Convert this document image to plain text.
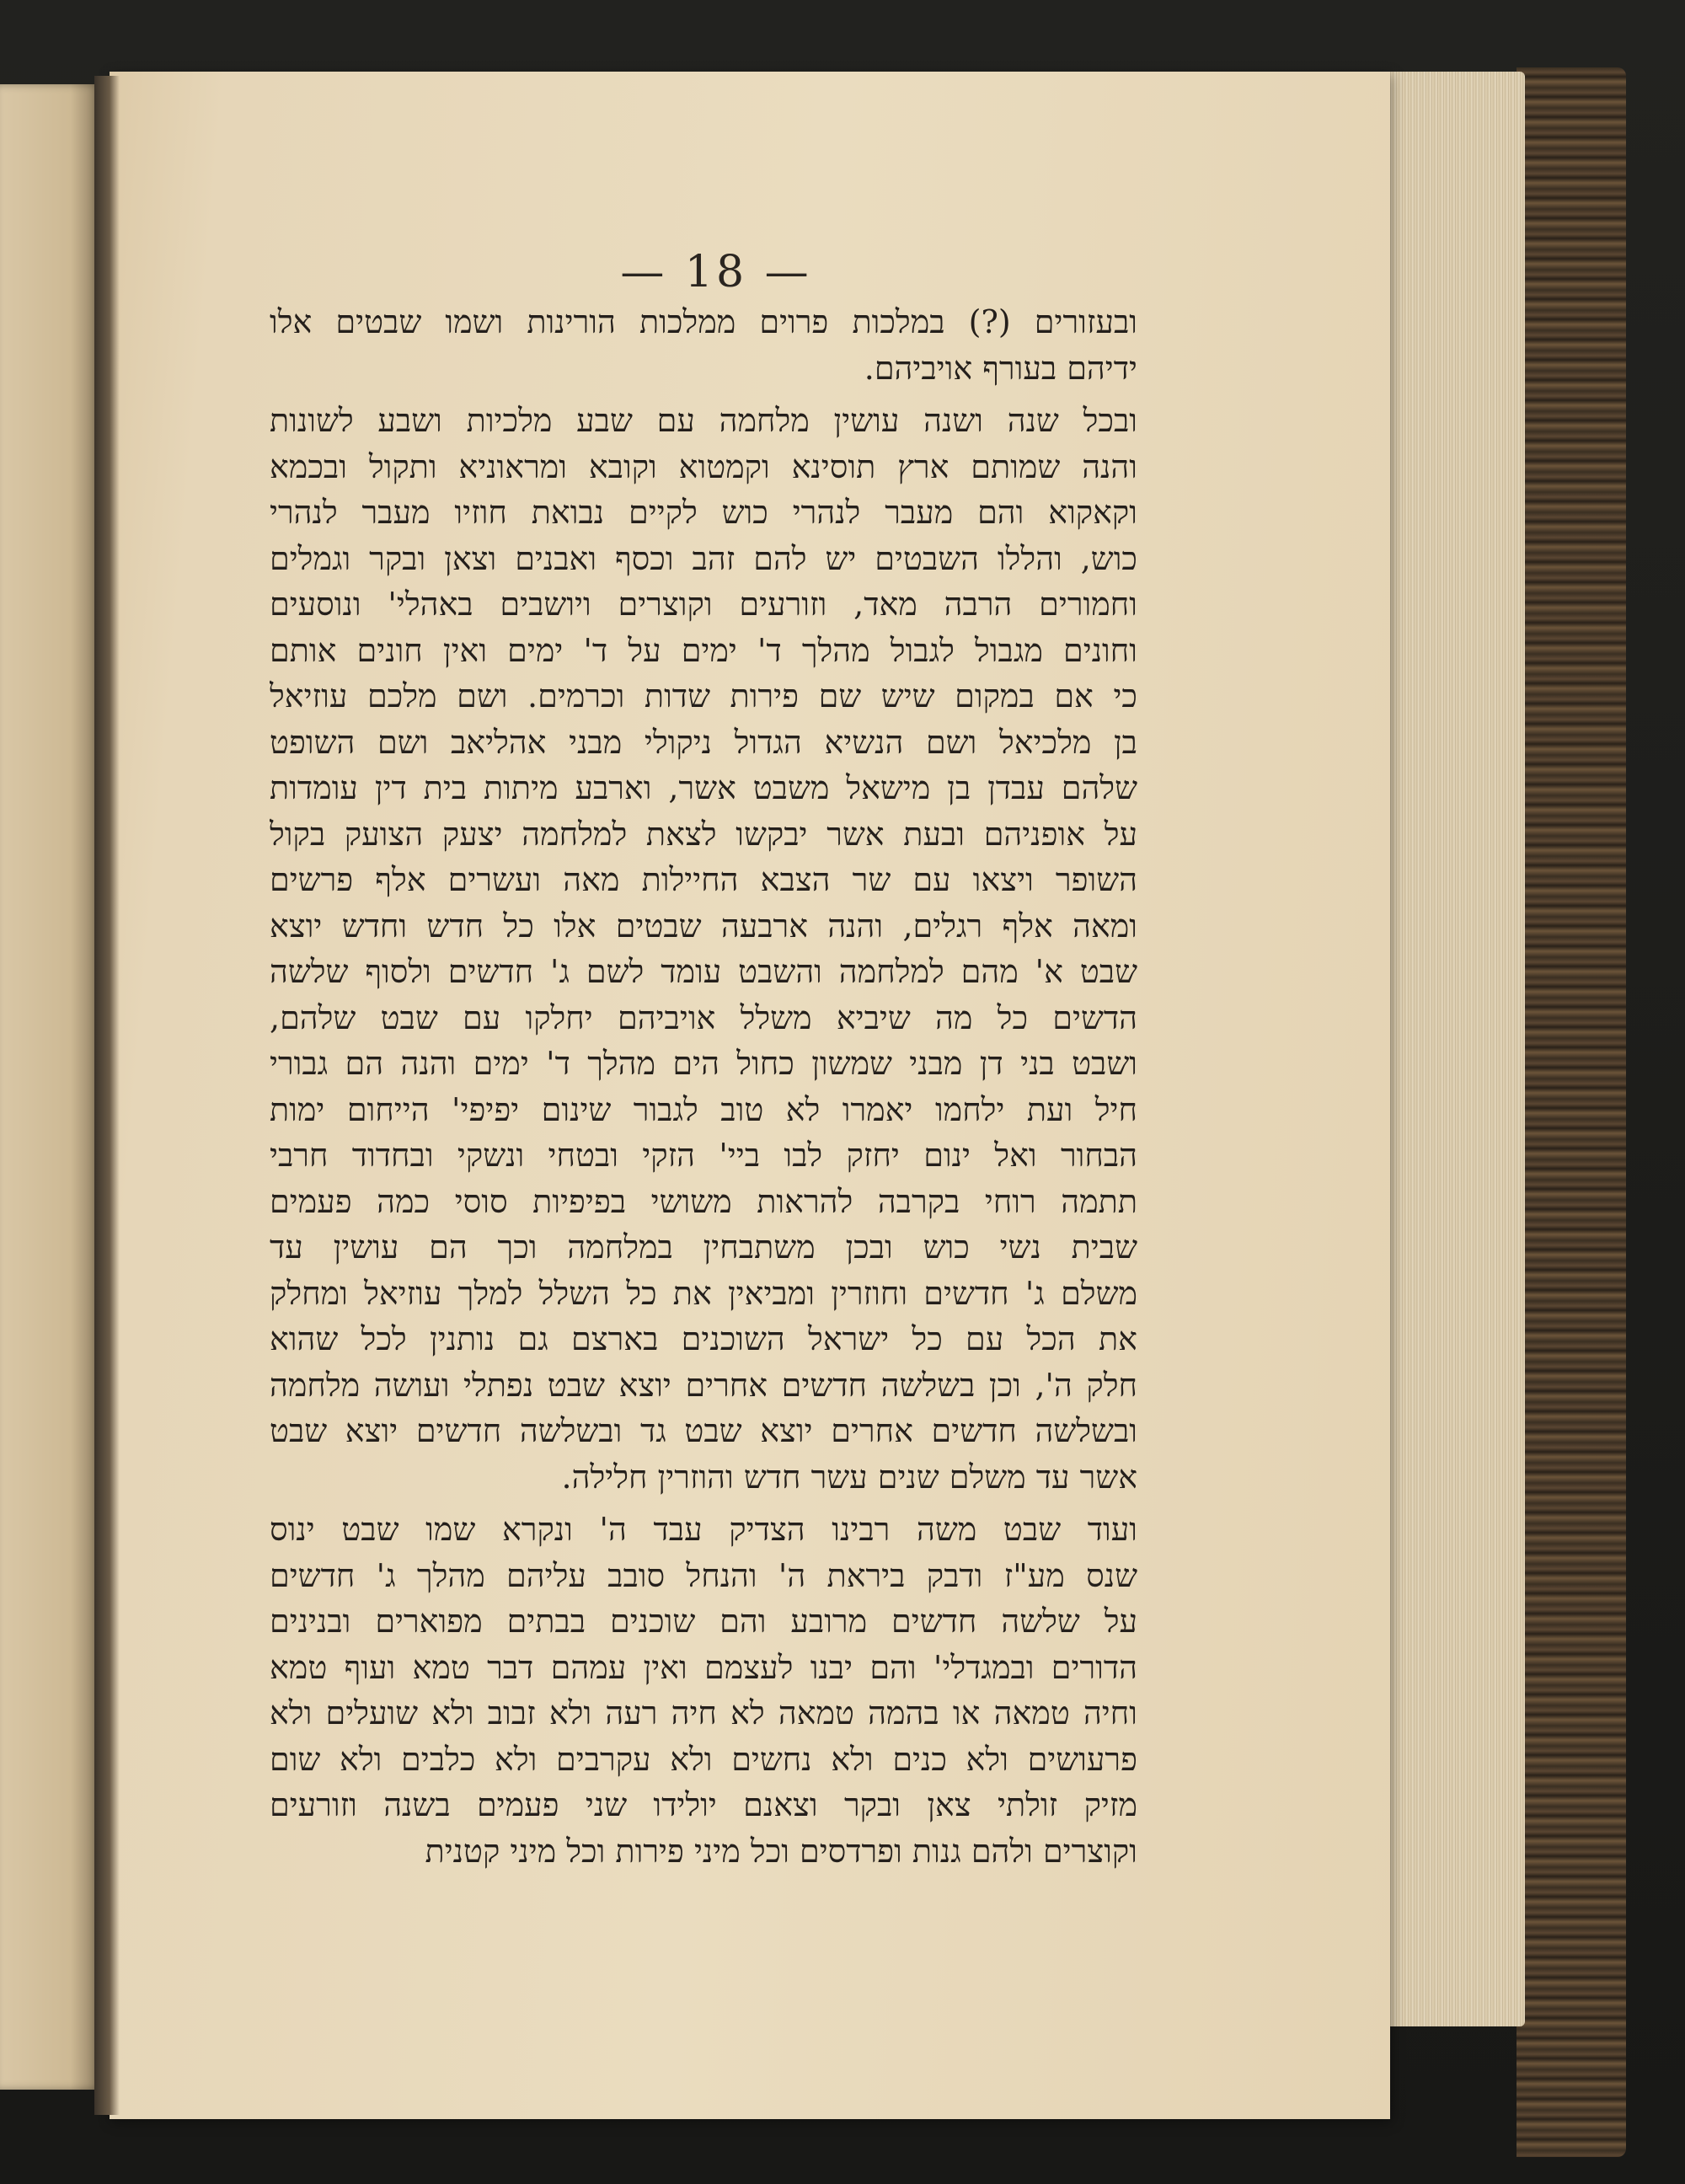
— 18 —
ובעזורים (?) במלכות פרוים ממלכות הורינות ושמו שבטים אלו
ידיהם בעורף אויביהם.
ובכל שנה ושנה עושין מלחמה עם שבע מלכיות ושבע לשונות
והנה שמותם ארץ תוסינא וקמטוא וקובא ומראוניא ותקול ובכמא
וקאקוא והם מעבר לנהרי כוש לקיים נבואת חוזיו מעבר לנהרי
כוש, והללו השבטים יש להם זהב וכסף ואבנים וצאן ובקר וגמלים
וחמורים הרבה מאד, וזורעים וקוצרים ויושבים באהלי' ונוסעים
וחונים מגבול לגבול מהלך ד' ימים על ד' ימים ואין חונים אותם
כי אם במקום שיש שם פירות שדות וכרמים. ושם מלכם עוזיאל
בן מלכיאל ושם הנשיא הגדול ניקולי מבני אהליאב ושם השופט
שלהם עבדן בן מישאל משבט אשר, וארבע מיתות בית דין עומדות
על אופניהם ובעת אשר יבקשו לצאת למלחמה יצעק הצועק בקול
השופר ויצאו עם שר הצבא החיילות מאה ועשרים אלף פרשים
ומאה אלף רגלים, והנה ארבעה שבטים אלו כל חדש וחדש יוצא
שבט א' מהם למלחמה והשבט עומד לשם ג' חדשים ולסוף שלשה
הדשים כל מה שיביא משלל אויביהם יחלקו עם שבט שלהם,
ושבט בני דן מבני שמשון כחול הים מהלך ד' ימים והנה הם גבורי
חיל ועת ילחמו יאמרו לא טוב לגבור שינום יפיפי' הייחום ימות
הבחור ואל ינום יחזק לבו ביי' הזקי ובטחי ונשקי ובחדוד חרבי
תתמה רוחי בקרבה להראות משושי בפיפיות סוסי כמה פעמים
שבית נשי כוש ובכן משתבחין במלחמה וכך הם עושין עד
משלם ג' חדשים וחוזרין ומביאין את כל השלל למלך עוזיאל ומחלק
את הכל עם כל ישראל השוכנים בארצם גם נותנין לכל שהוא
חלק ה', וכן בשלשה חדשים אחרים יוצא שבט נפתלי ועושה מלחמה
ובשלשה חדשים אחרים יוצא שבט גד ובשלשה חדשים יוצא שבט
אשר עד משלם שנים עשר חדש והוזרין חלילה.
ועוד שבט משה רבינו הצדיק עבד ה' ונקרא שמו שבט ינוס
שנס מע"ז ודבק ביראת ה' והנחל סובב עליהם מהלך ג' חדשים
על שלשה חדשים מרובע והם שוכנים בבתים מפוארים ובנינים
הדורים ובמגדלי' והם יבנו לעצמם ואין עמהם דבר טמא ועוף טמא
וחיה טמאה או בהמה טמאה לא חיה רעה ולא זבוב ולא שועלים ולא
פרעושים ולא כנים ולא נחשים ולא עקרבים ולא כלבים ולא שום
מזיק זולתי צאן ובקר וצאנם יולידו שני פעמים בשנה וזורעים
וקוצרים ולהם גנות ופרדסים וכל מיני פירות וכל מיני קטנית
